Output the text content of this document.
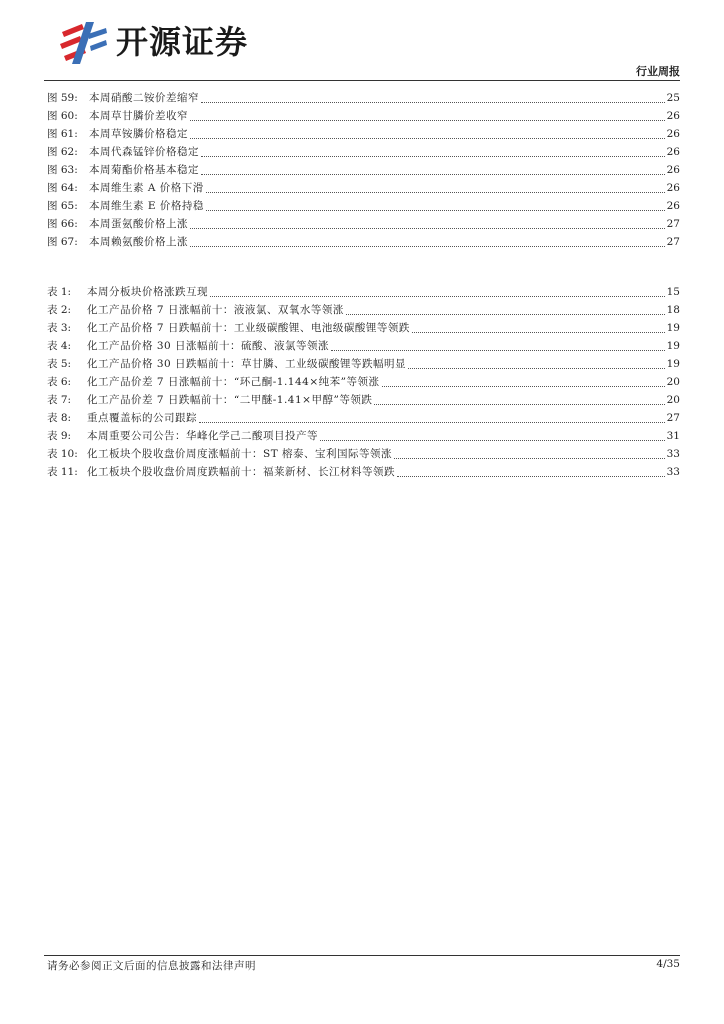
开源证券
行业周报
图 59:	本周硝酸二铵价差缩窄	25
图 60:	本周草甘膦价差收窄	26
图 61:	本周草铵膦价格稳定	26
图 62:	本周代森锰锌价格稳定	26
图 63:	本周菊酯价格基本稳定	26
图 64:	本周维生素 A 价格下滑	26
图 65:	本周维生素 E 价格持稳	26
图 66:	本周蛋氨酸价格上涨	27
图 67:	本周赖氨酸价格上涨	27
表 1:	本周分板块价格涨跌互现	15
表 2:	化工产品价格 7 日涨幅前十：液液氯、双氧水等领涨	18
表 3:	化工产品价格 7 日跌幅前十：工业级碳酸锂、电池级碳酸锂等领跌	19
表 4:	化工产品价格 30 日涨幅前十：硫酸、液氯等领涨	19
表 5:	化工产品价格 30 日跌幅前十：草甘膦、工业级碳酸锂等跌幅明显	19
表 6:	化工产品价差 7 日涨幅前十：“环己酮-1.144×纯苯”等领涨	20
表 7:	化工产品价差 7 日跌幅前十：“二甲醚-1.41×甲醇”等领跌	20
表 8:	重点覆盖标的公司跟踪	27
表 9:	本周重要公司公告：华峰化学己二酸项目投产等	31
表 10: 化工板块个股收盘价周度涨幅前十：ST 榕泰、宝利国际等领涨	33
表 11: 化工板块个股收盘价周度跌幅前十：福莱新材、长江材料等领跌	33
请务必参阅正文后面的信息披露和法律声明	4/35
